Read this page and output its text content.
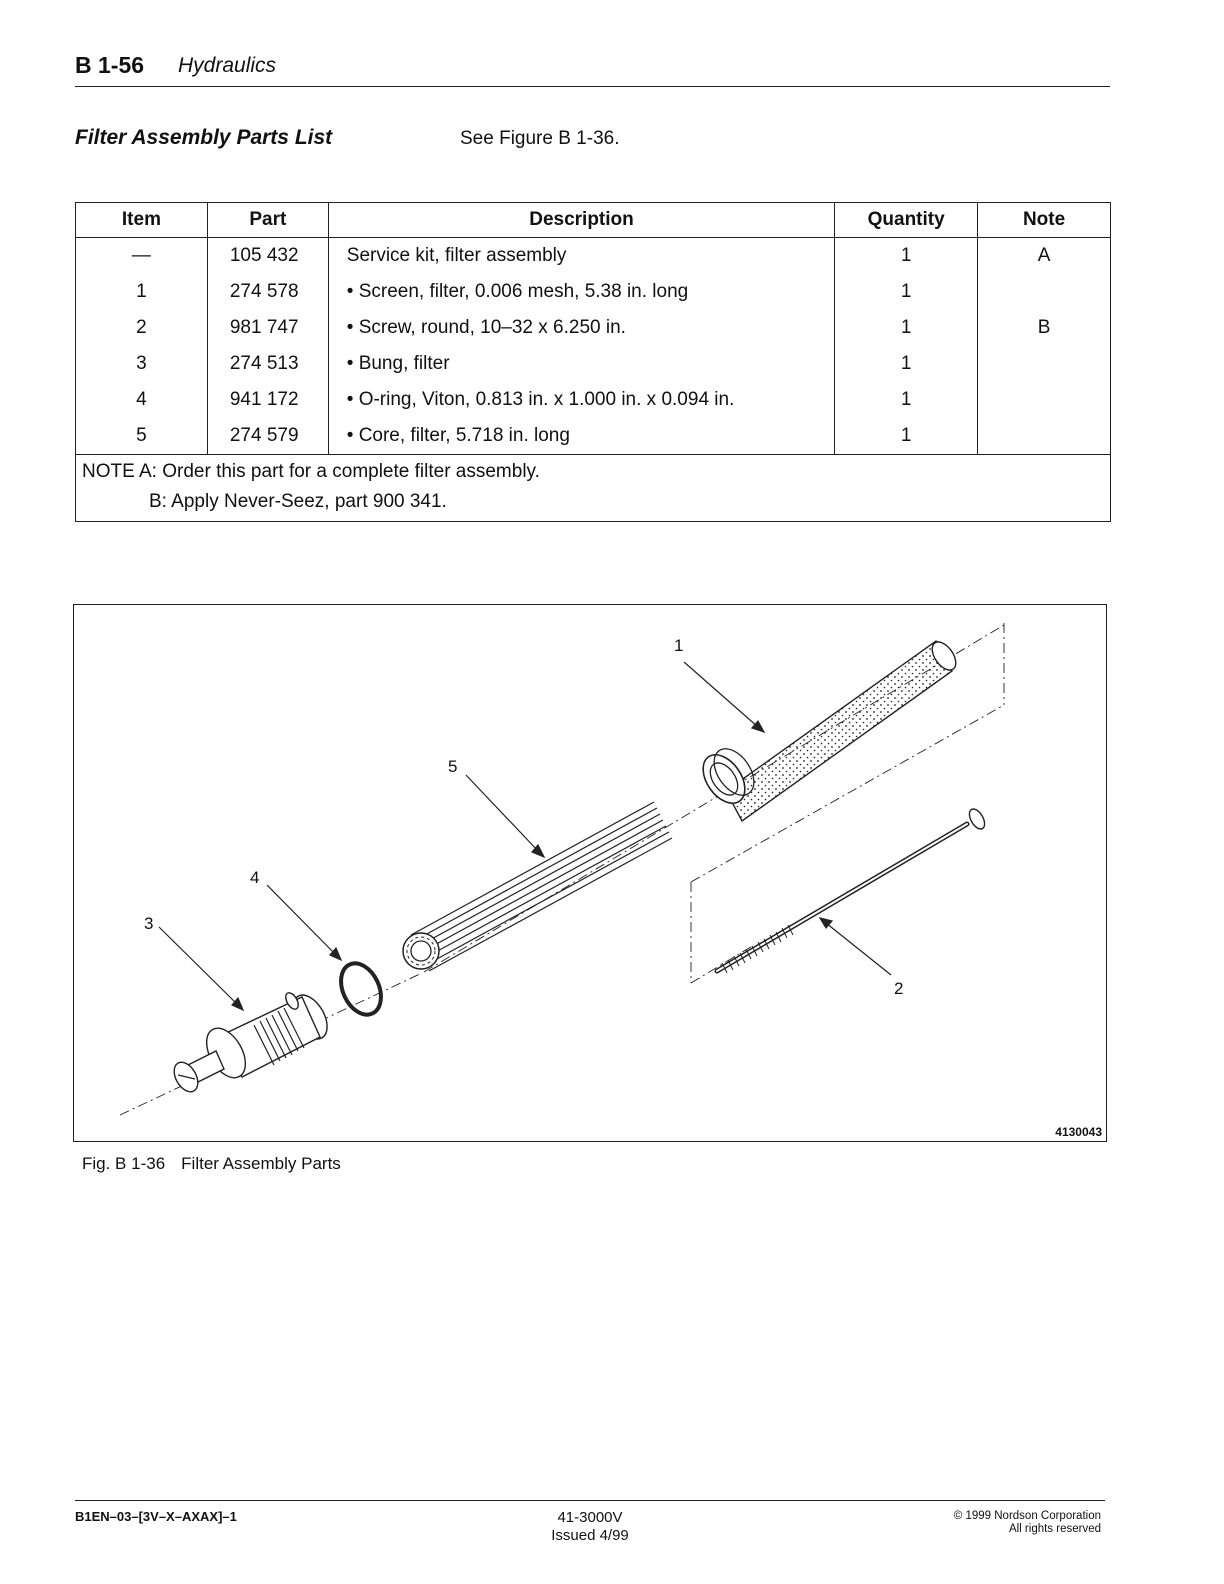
B 1-56 Hydraulics
Filter Assembly Parts List	See Figure B 1-36.
Item	Part	Description	Quantity	Note
—	105 432	Service kit, filter assembly	1	A
1	274 578	• Screen, filter, 0.006 mesh, 5.38 in. long	1	
2	981 747	• Screw, round, 10–32 x 6.250 in.	1	B
3	274 513	• Bung, filter	1	
4	941 172	• O-ring, Viton, 0.813 in. x 1.000 in. x 0.094 in.	1	
5	274 579	• Core, filter, 5.718 in. long	1	

NOTE A: Order this part for a complete filter assembly.
B: Apply Never-Seez, part 900 341.				
1
5
4
3
2
4130043
Fig. B 1-36 Filter Assembly Parts
B1EN–03–[3V–X–AXAX]–1	41-3000V
Issued 4/99
© 1999 Nordson Corporation
All rights reserved
